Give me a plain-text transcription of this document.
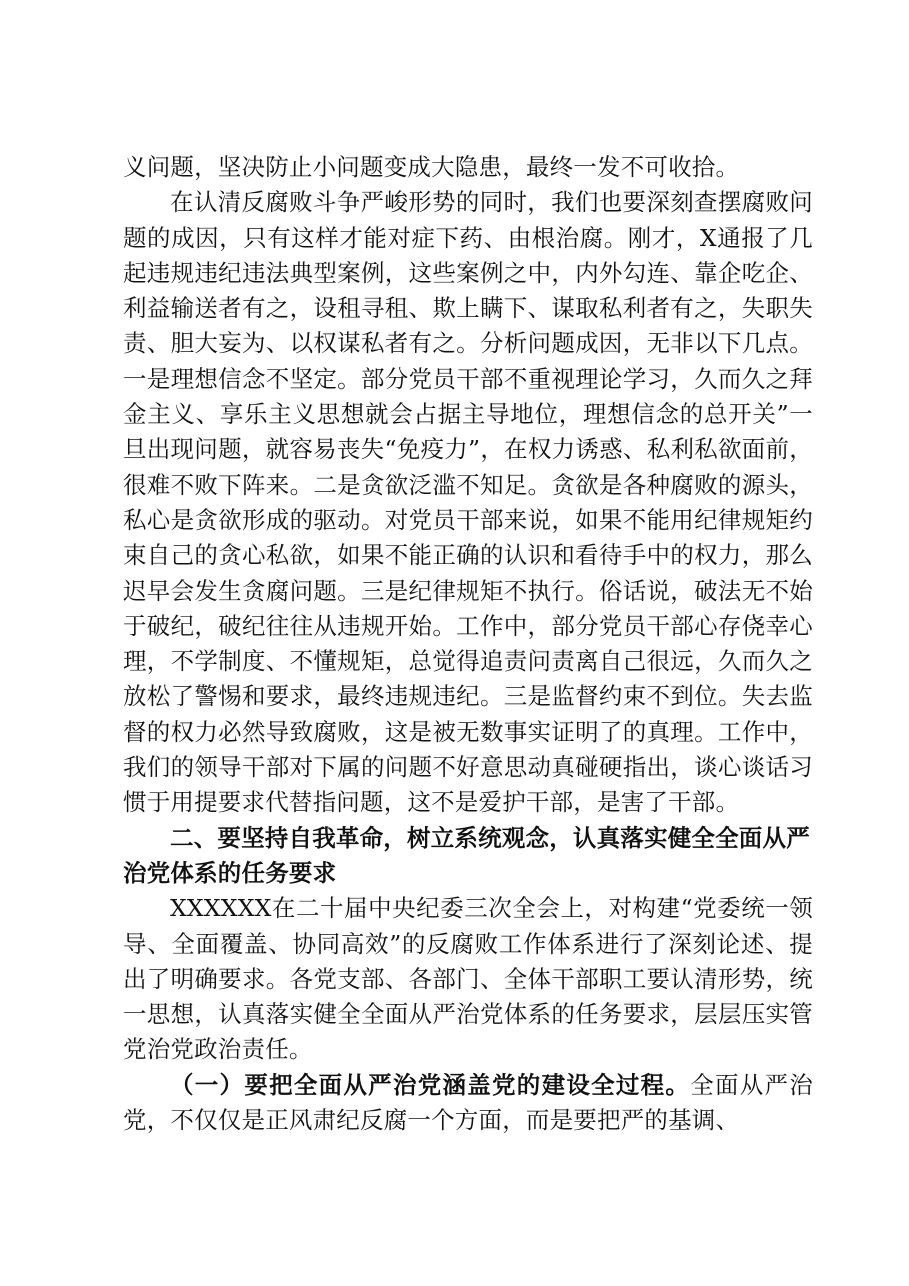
义问题，坚决防止小问题变成大隐患，最终一发不可收拾。

在认清反腐败斗争严峻形势的同时，我们也要深刻查摆腐败问题的成因，只有这样才能对症下药、由根治腐。刚才，X通报了几起违规违纪违法典型案例，这些案例之中，内外勾连、靠企吃企、利益输送者有之，设租寻租、欺上瞒下、谋取私利者有之，失职失责、胆大妄为、以权谋私者有之。分析问题成因，无非以下几点。一是理想信念不坚定。部分党员干部不重视理论学习，久而久之拜金主义、享乐主义思想就会占据主导地位，理想信念的总开关”一旦出现问题，就容易丧失“免疫力”，在权力诱惑、私利私欲面前，很难不败下阵来。二是贪欲泛滥不知足。贪欲是各种腐败的源头，私心是贪欲形成的驱动。对党员干部来说，如果不能用纪律规矩约束自己的贪心私欲，如果不能正确的认识和看待手中的权力，那么迟早会发生贪腐问题。三是纪律规矩不执行。俗话说，破法无不始于破纪，破纪往往从违规开始。工作中，部分党员干部心存侥幸心理，不学制度、不懂规矩，总觉得追责问责离自己很远，久而久之放松了警惕和要求，最终违规违纪。三是监督约束不到位。失去监督的权力必然导致腐败，这是被无数事实证明了的真理。工作中，我们的领导干部对下属的问题不好意思动真碰硬指出，谈心谈话习惯于用提要求代替指问题，这不是爱护干部，是害了干部。

二、要坚持自我革命，树立系统观念，认真落实健全全面从严治党体系的任务要求

XXXXXX在二十届中央纪委三次全会上，对构建“党委统一领导、全面覆盖、协同高效”的反腐败工作体系进行了深刻论述、提出了明确要求。各党支部、各部门、全体干部职工要认清形势，统一思想，认真落实健全全面从严治党体系的任务要求，层层压实管党治党政治责任。

（一）要把全面从严治党涵盖党的建设全过程。全面从严治党，不仅仅是正风肃纪反腐一个方面，而是要把严的基调、
